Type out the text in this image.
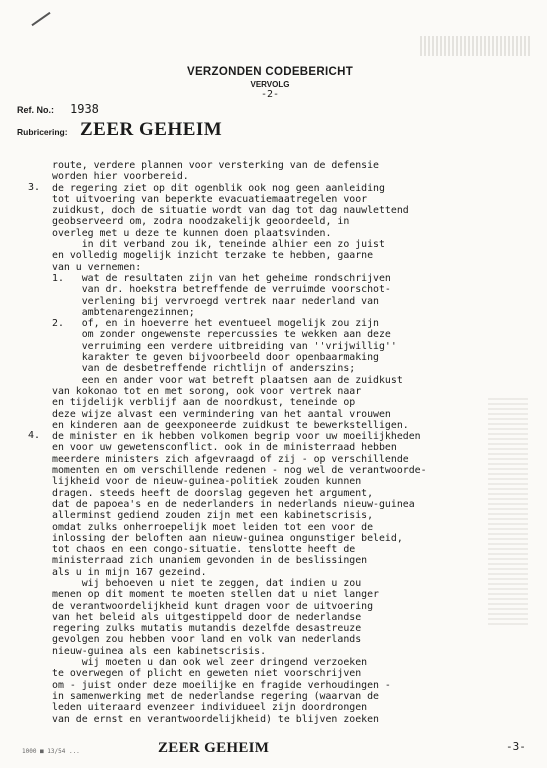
VERZONDEN CODEBERICHT
VERVOLG
-2-
Ref. No.: 1938
Rubricering: ZEER GEHEIM
3.
4.
route, verdere plannen voor versterking van de defensie
worden hier voorbereid.
de regering ziet op dit ogenblik ook nog geen aanleiding
tot uitvoering van beperkte evacuatiemaatregelen voor
zuidkust, doch de situatie wordt van dag tot dag nauwlettend
geobserveerd om, zodra noodzakelijk geoordeeld, in
overleg met u deze te kunnen doen plaatsvinden.
in dit verband zou ik, teneinde alhier een zo juist
en volledig mogelijk inzicht terzake te hebben, gaarne
van u vernemen:
1.   wat de resultaten zijn van het geheime rondschrijven
van dr. hoekstra betreffende de verruimde voorschot-
verlening bij vervroegd vertrek naar nederland van
ambtenarengezinnen;
2.   of, en in hoeverre het eventueel mogelijk zou zijn
om zonder ongewenste repercussies te wekken aan deze
verruiming een verdere uitbreiding van ''vrijwillig''
karakter te geven bijvoorbeeld door openbaarmaking
van de desbetreffende richtlijn of anderszins;
een en ander voor wat betreft plaatsen aan de zuidkust
van kokonao tot en met sorong, ook voor vertrek naar
en tijdelijk verblijf aan de noordkust, teneinde op
deze wijze alvast een vermindering van het aantal vrouwen
en kinderen aan de geexponeerde zuidkust te bewerkstelligen.
de minister en ik hebben volkomen begrip voor uw moeilijkheden
en voor uw gewetensconflict. ook in de ministerraad hebben
meerdere ministers zich afgevraagd of zij - op verschillende
momenten en om verschillende redenen - nog wel de verantwoorde-
lijkheid voor de nieuw-guinea-politiek zouden kunnen
dragen. steeds heeft de doorslag gegeven het argument,
dat de papoea's en de nederlanders in nederlands nieuw-guinea
allerminst gediend zouden zijn met een kabinetscrisis,
omdat zulks onherroepelijk moet leiden tot een voor de
inlossing der beloften aan nieuw-guinea ongunstiger beleid,
tot chaos en een congo-situatie. tenslotte heeft de
ministerraad zich unaniem gevonden in de beslissingen
als u in mijn 167 gezeind.
wij behoeven u niet te zeggen, dat indien u zou
menen op dit moment te moeten stellen dat u niet langer
de verantwoordelijkheid kunt dragen voor de uitvoering
van het beleid als uitgestippeld door de nederlandse
regering zulks mutatis mutandis dezelfde desastreuze
gevolgen zou hebben voor land en volk van nederlands
nieuw-guinea als een kabinetscrisis.
wij moeten u dan ook wel zeer dringend verzoeken
te overwegen of plicht en geweten niet voorschrijven
om - juist onder deze moeilijke en fragide verhoudingen -
in samenwerking met de nederlandse regering (waarvan de
leden uiteraard evenzeer individueel zijn doordrongen
van de ernst en verantwoordelijkheid) te blijven zoeken
1000 ■ 13/54 ...	ZEER GEHEIM	-3-
